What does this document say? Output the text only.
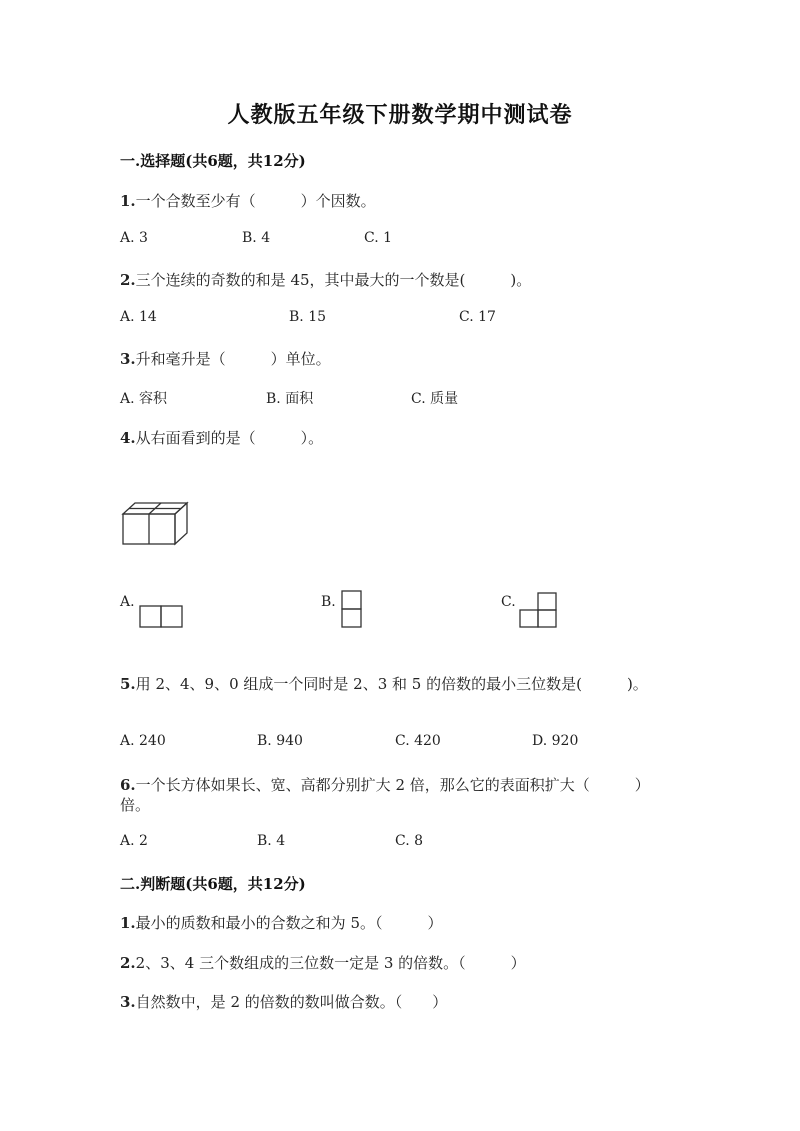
人教版五年级下册数学期中测试卷
一.选择题(共6题，共12分)
1.一个合数至少有（　　　）个因数。
A. 3	B. 4	C. 1
2.三个连续的奇数的和是 45，其中最大的一个数是(　　　)。
A. 14	B. 15	C. 17
3.升和毫升是（　　　）单位。
A. 容积	B. 面积	C. 质量
4.从右面看到的是（　　　）。
A.	B.	C.
5.用 2、4、9、0 组成一个同时是 2、3 和 5 的倍数的最小三位数是(　　　)。
A. 240	B. 940	C. 420	D. 920
6.一个长方体如果长、宽、高都分别扩大 2 倍，那么它的表面积扩大（　　　）
倍。
A. 2	B. 4	C. 8
二.判断题(共6题，共12分)
1.最小的质数和最小的合数之和为 5。（　　　）
2.2、3、4 三个数组成的三位数一定是 3 的倍数。（　　　）
3.自然数中，是 2 的倍数的数叫做合数。（　　）
